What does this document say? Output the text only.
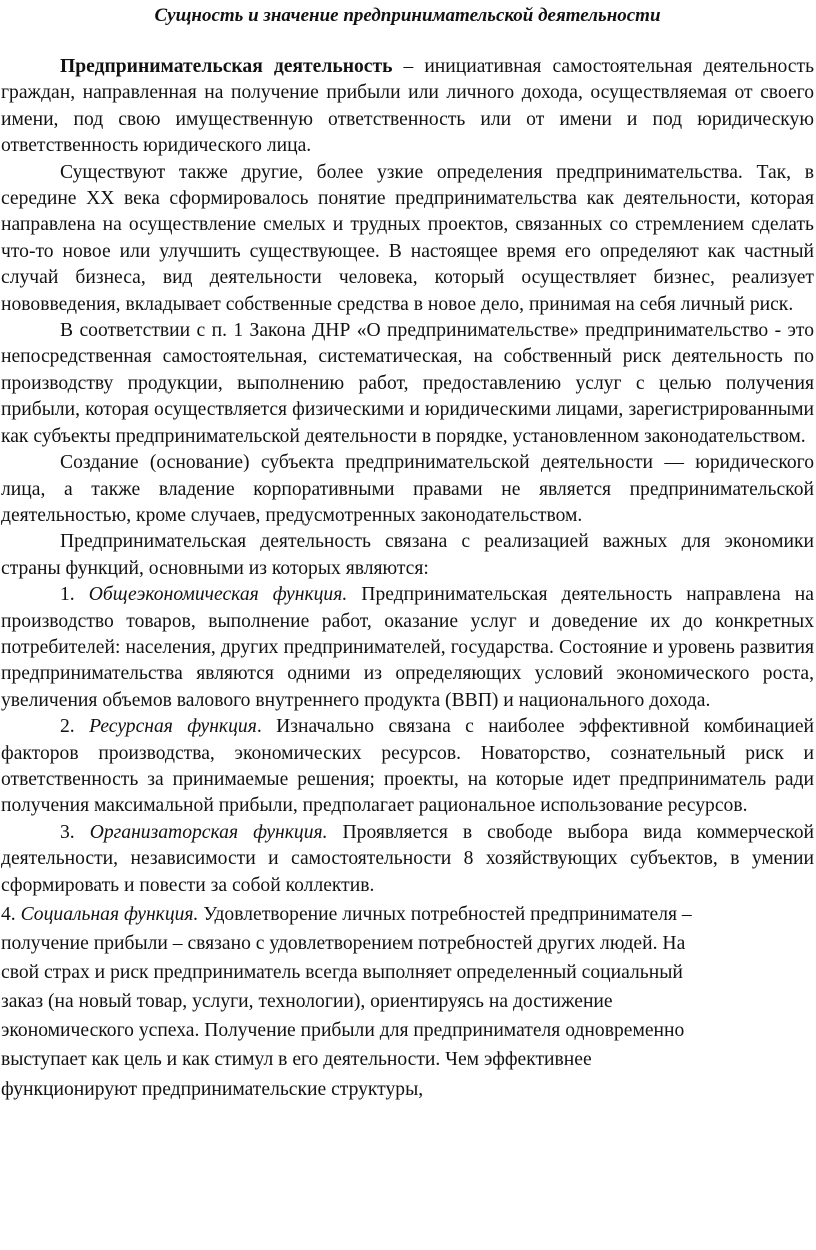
Сущность и значение предпринимательской деятельности

Предпринимательская деятельность – инициативная самостоятельная деятельность граждан, направленная на получение прибыли или личного дохода, осуществляемая от своего имени, под свою имущественную ответственность или от имени и под юридическую ответственность юридического лица.

Существуют также другие, более узкие определения предпринимательства. Так, в середине XX века сформировалось понятие предпринимательства как деятельности, которая направлена на осуществление смелых и трудных проектов, связанных со стремлением сделать что-то новое или улучшить существующее. В настоящее время его определяют как частный случай бизнеса, вид деятельности человека, который осуществляет бизнес, реализует нововведения, вкладывает собственные средства в новое дело, принимая на себя личный риск.

В соответствии с п. 1 Закона ДНР «О предпринимательстве» предпринимательство - это непосредственная самостоятельная, систематическая, на собственный риск деятельность по производству продукции, выполнению работ, предоставлению услуг с целью получения прибыли, которая осуществляется физическими и юридическими лицами, зарегистрированными как субъекты предпринимательской деятельности в порядке, установленном законодательством.

Создание (основание) субъекта предпринимательской деятельности — юридического лица, а также владение корпоративными правами не является предпринимательской деятельностью, кроме случаев, предусмотренных законодательством.

Предпринимательская деятельность связана с реализацией важных для экономики страны функций, основными из которых являются:

1. Общеэкономическая функция. Предпринимательская деятельность направлена на производство товаров, выполнение работ, оказание услуг и доведение их до конкретных потребителей: населения, других предпринимателей, государства. Состояние и уровень развития предпринимательства являются одними из определяющих условий экономического роста, увеличения объемов валового внутреннего продукта (ВВП) и национального дохода.

2. Ресурсная функция. Изначально связана с наиболее эффективной комбинацией факторов производства, экономических ресурсов. Новаторство, сознательный риск и ответственность за принимаемые решения; проекты, на которые идет предприниматель ради получения максимальной прибыли, предполагает рациональное использование ресурсов.

3. Организаторская функция. Проявляется в свободе выбора вида коммерческой деятельности, независимости и самостоятельности 8 хозяйствующих субъектов, в умении сформировать и повести за собой коллектив.

4. Социальная функция. Удовлетворение личных потребностей предпринимателя –
получение прибыли – связано с удовлетворением потребностей других людей. На
свой страх и риск предприниматель всегда выполняет определенный социальный
заказ (на новый товар, услуги, технологии), ориентируясь на достижение
экономического успеха. Получение прибыли для предпринимателя одновременно
выступает как цель и как стимул в его деятельности. Чем эффективнее
функционируют предпринимательские структуры,
